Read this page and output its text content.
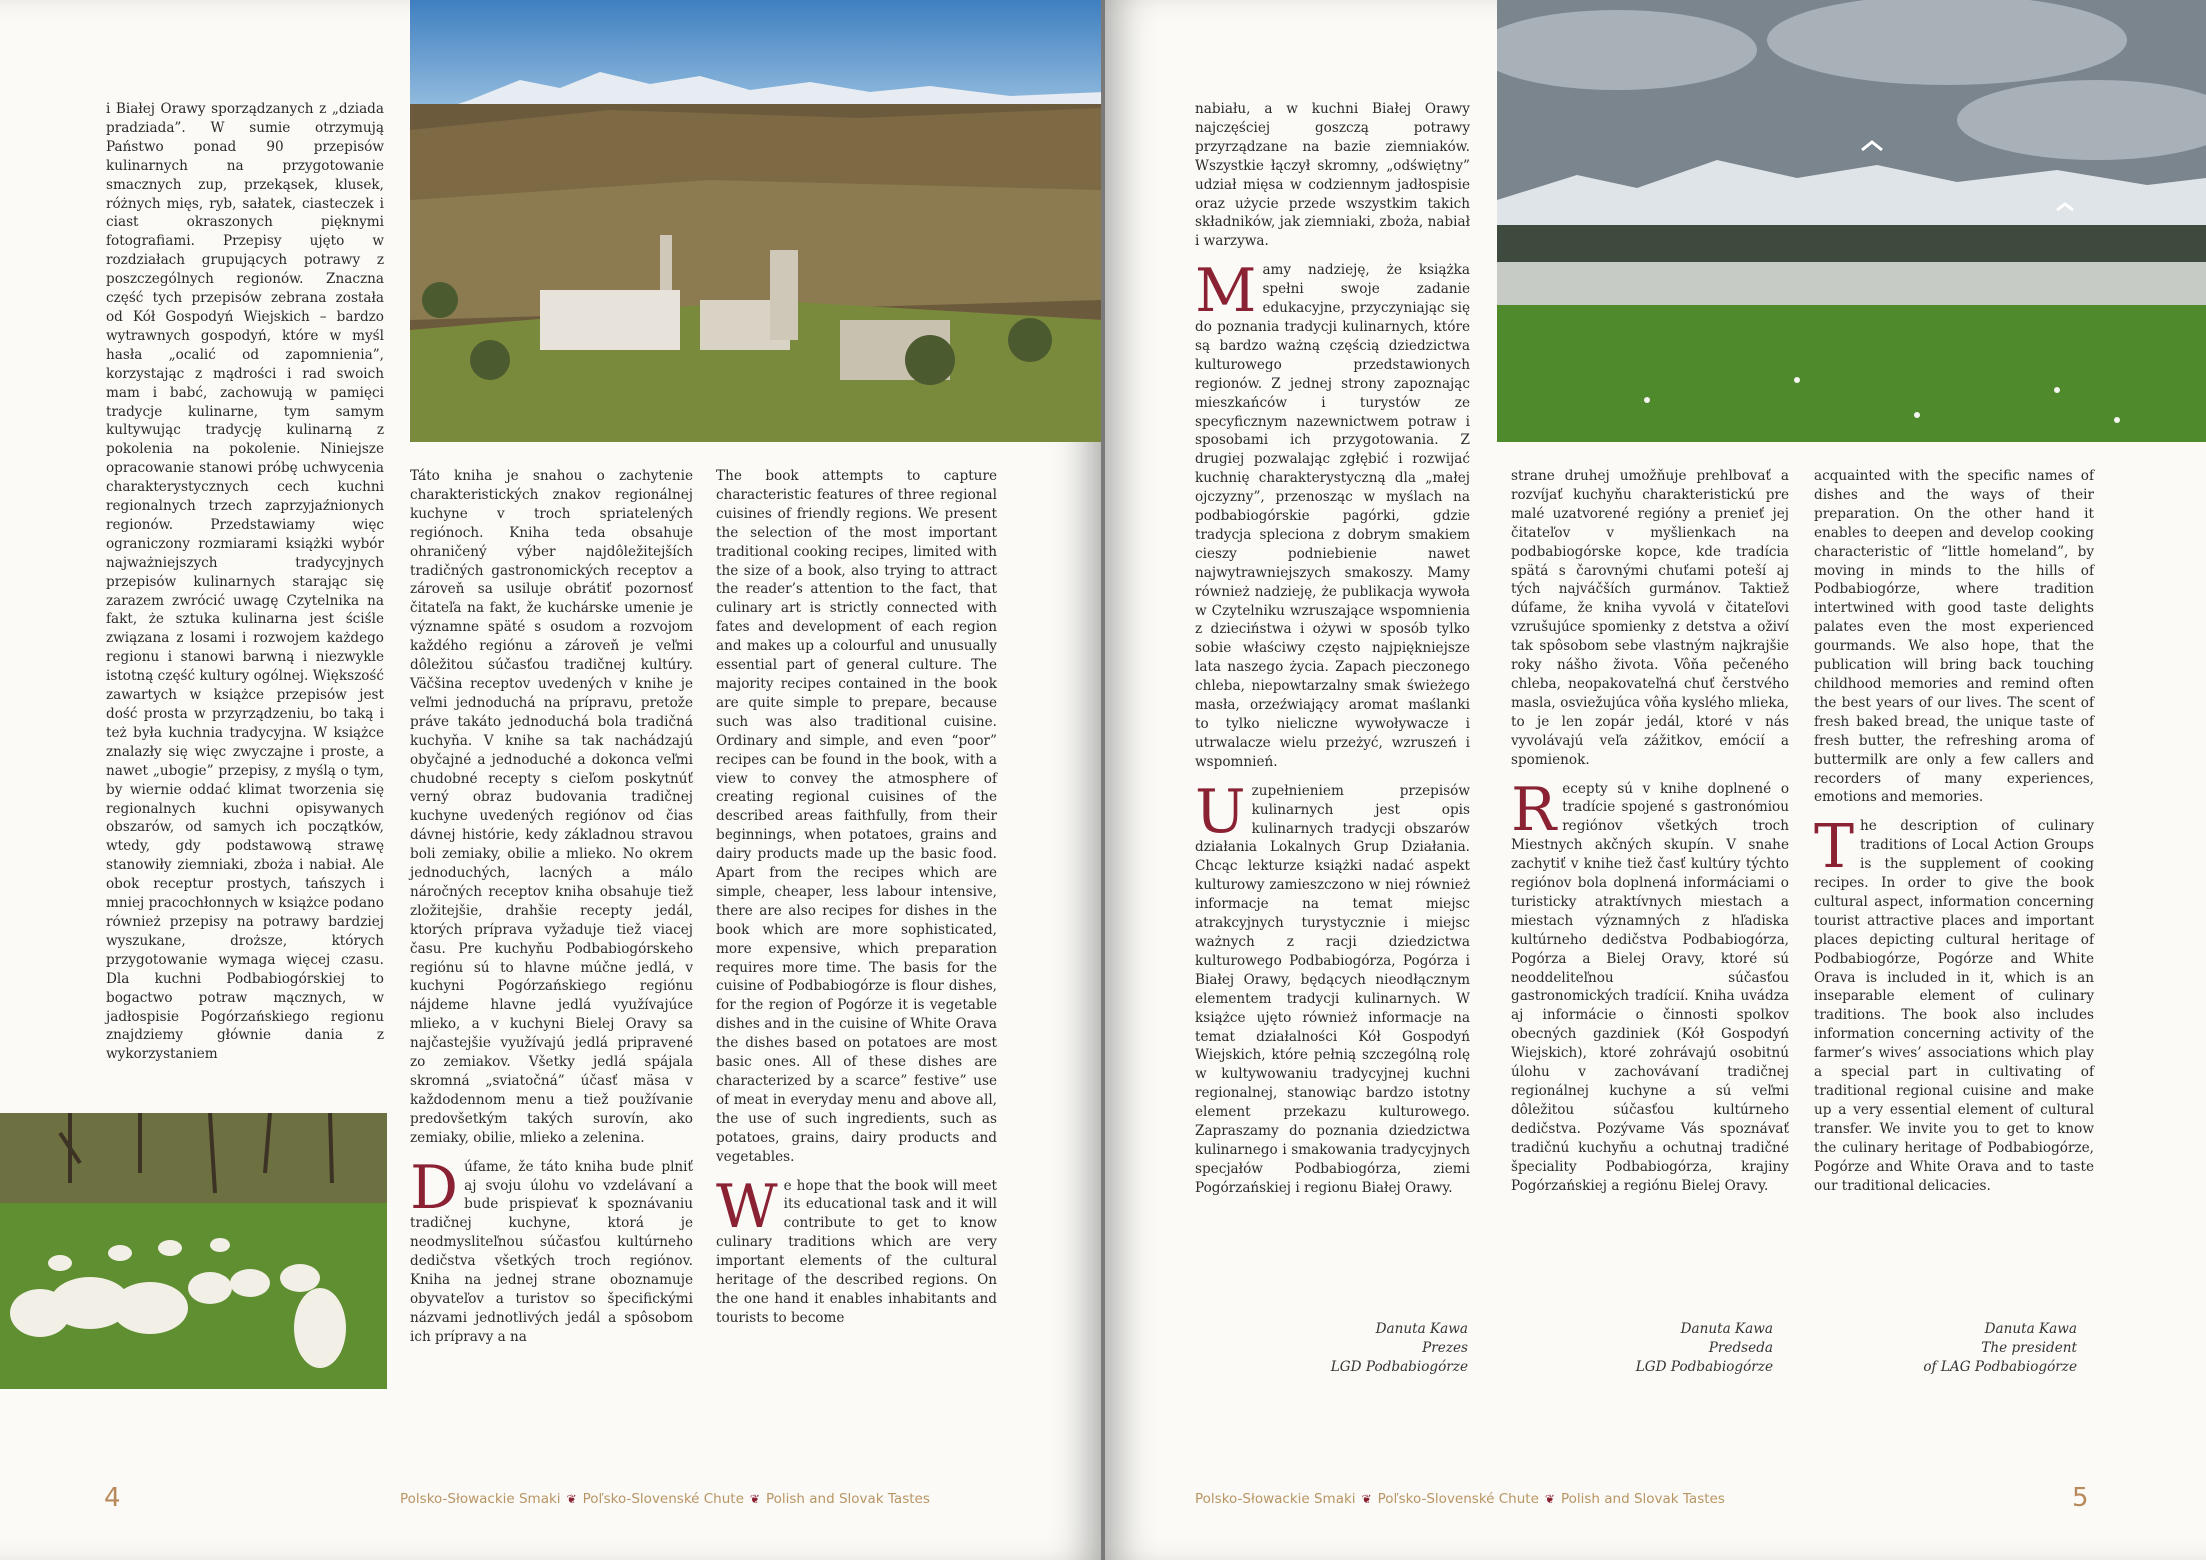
i Białej Orawy sporządzanych z „dziada pradziada”. W sumie otrzymują Państwo ponad 90 przepisów kulinarnych na przygotowanie smacznych zup, przekąsek, klusek, różnych mięs, ryb, sałatek, ciasteczek i ciast okraszonych pięknymi fotografiami. Przepisy ujęto w rozdziałach grupujących potrawy z poszczególnych regionów. Znaczna część tych przepisów zebrana została od Kół Gospodyń Wiejskich – bardzo wytrawnych gospodyń, które w myśl hasła „ocalić od zapomnienia”, korzystając z mądrości i rad swoich mam i babć, zachowują w pamięci tradycje kulinarne, tym samym kultywując tradycję kulinarną z pokolenia na pokolenie. Niniejsze opracowanie stanowi próbę uchwycenia charakterystycznych cech kuchni regionalnych trzech zaprzyjaźnionych regionów. Przedstawiamy więc ograniczony rozmiarami książki wybór najważniejszych tradycyjnych przepisów kulinarnych starając się zarazem zwrócić uwagę Czytelnika na fakt, że sztuka kulinarna jest ściśle związana z losami i rozwojem każdego regionu i stanowi barwną i niezwykle istotną część kultury ogólnej. Większość zawartych w książce przepisów jest dość prosta w przyrządzeniu, bo taką i też była kuchnia tradycyjna. W książce znalazły się więc zwyczajne i proste, a nawet „ubogie” przepisy, z myślą o tym, by wiernie oddać klimat tworzenia się regionalnych kuchni opisywanych obszarów, od samych ich początków, wtedy, gdy podstawową strawę stanowiły ziemniaki, zboża i nabiał. Ale obok receptur prostych, tańszych i mniej pracochłonnych w książce podano również przepisy na potrawy bardziej wyszukane, droższe, których przygotowanie wymaga więcej czasu. Dla kuchni Podbabiogórskiej to bogactwo potraw mącznych, w jadłospisie Pogórzańskiego regionu znajdziemy głównie dania z wykorzystaniem

Táto kniha je snahou o zachytenie charakteristických znakov regionálnej kuchyne v troch spriatelených regiónoch. Kniha teda obsahuje ohraničený výber najdôležitejších tradičných gastronomických receptov a zároveň sa usiluje obrátiť pozornosť čitateľa na fakt, že kuchárske umenie je významne späté s osudom a rozvojom každého regiónu a zároveň je veľmi dôležitou súčasťou tradičnej kultúry. Väčšina receptov uvedených v knihe je veľmi jednoduchá na prípravu, pretože práve takáto jednoduchá bola tradičná kuchyňa. V knihe sa tak nachádzajú obyčajné a jednoduché a dokonca veľmi chudobné recepty s cieľom poskytnúť verný obraz budovania tradičnej kuchyne uvedených regiónov od čias dávnej histórie, kedy základnou stravou boli zemiaky, obilie a mlieko. No okrem jednoduchých, lacných a málo náročných receptov kniha obsahuje tiež zložitejšie, drahšie recepty jedál, ktorých príprava vyžaduje tiež viacej času. Pre kuchyňu Podbabiogórskeho regiónu sú to hlavne múčne jedlá, v kuchyni Pogórzańskiego regiónu nájdeme hlavne jedlá využívajúce mlieko, a v kuchyni Bielej Oravy sa najčastejšie využívajú jedlá pripravené zo zemiakov. Všetky jedlá spájala skromná „sviatočná” účasť mäsa v každodennom menu a tiež používanie predovšetkým takých surovín, ako zemiaky, obilie, mlieko a zelenina.

Dúfame, že táto kniha bude plniť aj svoju úlohu vo vzdelávaní a bude prispievať k spoznávaniu tradičnej kuchyne, ktorá je neodmysliteľnou súčasťou kultúrneho dedičstva všetkých troch regiónov. Kniha na jednej strane oboznamuje obyvateľov a turistov so špecifickými názvami jednotlivých jedál a spôsobom ich prípravy a na

The book attempts to capture characteristic features of three regional cuisines of friendly regions. We present the selection of the most important traditional cooking recipes, limited with the size of a book, also trying to attract the reader’s attention to the fact, that culinary art is strictly connected with fates and development of each region and makes up a colourful and unusually essential part of general culture. The majority recipes contained in the book are quite simple to prepare, because such was also traditional cuisine. Ordinary and simple, and even “poor” recipes can be found in the book, with a view to convey the atmosphere of creating regional cuisines of the described areas faithfully, from their beginnings, when potatoes, grains and dairy products made up the basic food. Apart from the recipes which are simple, cheaper, less labour intensive, there are also recipes for dishes in the book which are more sophisticated, more expensive, which preparation requires more time. The basis for the cuisine of Podbabiogórze is flour dishes, for the region of Pogórze it is vegetable dishes and in the cuisine of White Orava the dishes based on potatoes are most basic ones. All of these dishes are characterized by a scarce” festive” use of meat in everyday menu and above all, the use of such ingredients, such as potatoes, grains, dairy products and vegetables.

We hope that the book will meet its educational task and it will contribute to get to know culinary traditions which are very important elements of the cultural heritage of the described regions. On the one hand it enables inhabitants and tourists to become

4	Polsko-Słowackie Smaki ❦ Poľsko-Slovenské Chute ❦ Polish and Slovak Tastes

nabiału, a w kuchni Białej Orawy najczęściej goszczą potrawy przyrządzane na bazie ziemniaków. Wszystkie łączył skromny, „odświętny” udział mięsa w codziennym jadłospisie oraz użycie przede wszystkim takich składników, jak ziemniaki, zboża, nabiał i warzywa.

Mamy nadzieję, że książka spełni swoje zadanie edukacyjne, przyczyniając się do poznania tradycji kulinarnych, które są bardzo ważną częścią dziedzictwa kulturowego przedstawionych regionów. Z jednej strony zapoznając mieszkańców i turystów ze specyficznym nazewnictwem potraw i sposobami ich przygotowania. Z drugiej pozwalając zgłębić i rozwijać kuchnię charakterystyczną dla „małej ojczyzny”, przenosząc w myślach na podbabiogórskie pagórki, gdzie tradycja spleciona z dobrym smakiem cieszy podniebienie nawet najwytrawniejszych smakoszy. Mamy również nadzieję, że publikacja wywoła w Czytelniku wzruszające wspomnienia z dzieciństwa i ożywi w sposób tylko sobie właściwy często najpiękniejsze lata naszego życia. Zapach pieczonego chleba, niepowtarzalny smak świeżego masła, orzeźwiający aromat maślanki to tylko nieliczne wywoływacze i utrwalacze wielu przeżyć, wzruszeń i wspomnień.

Uzupełnieniem przepisów kulinarnych jest opis kulinarnych tradycji obszarów działania Lokalnych Grup Działania. Chcąc lekturze książki nadać aspekt kulturowy zamieszczono w niej również informacje na temat miejsc atrakcyjnych turystycznie i miejsc ważnych z racji dziedzictwa kulturowego Podbabiogórza, Pogórza i Białej Orawy, będących nieodłącznym elementem tradycji kulinarnych. W książce ujęto również informacje na temat działalności Kół Gospodyń Wiejskich, które pełnią szczególną rolę w kultywowaniu tradycyjnej kuchni regionalnej, stanowiąc bardzo istotny element przekazu kulturowego. Zapraszamy do poznania dziedzictwa kulinarnego i smakowania tradycyjnych specjałów Podbabiogórza, ziemi Pogórzańskiej i regionu Białej Orawy.

strane druhej umožňuje prehlbovať a rozvíjať kuchyňu charakteristickú pre malé uzatvorené regióny a prenieť jej čitateľov v myšlienkach na podbabiogórske kopce, kde tradícia spätá s čarovnými chuťami poteší aj tých najváčších gurmánov. Taktiež dúfame, že kniha vyvolá v čitateľovi vzrušujúce spomienky z detstva a oživí tak spôsobom sebe vlastným najkrajšie roky nášho života. Vôňa pečeného chleba, neopakovateľná chuť čerstvého masla, osviežujúca vôňa kyslého mlieka, to je len zopár jedál, ktoré v nás vyvolávajú veľa zážitkov, emócií a spomienok.

Recepty sú v knihe doplnené o tradície spojené s gastronómiou regiónov všetkých troch Miestnych akčných skupín. V snahe zachytiť v knihe tiež časť kultúry týchto regiónov bola doplnená informáciami o turisticky atraktívnych miestach a miestach významných z hľadiska kultúrneho dedičstva Podbabiogórza, Pogórza a Bielej Oravy, ktoré sú neoddeliteľnou súčasťou gastronomických tradícií. Kniha uvádza aj informácie o činnosti spolkov obecných gazdiniek (Kół Gospodyń Wiejskich), ktoré zohrávajú osobitnú úlohu v zachovávaní tradičnej regionálnej kuchyne a sú veľmi dôležitou súčasťou kultúrneho dedičstva. Pozývame Vás spoznávať tradičnú kuchyňu a ochutnaj tradičné špeciality Podbabiogórza, krajiny Pogórzańskiej a regiónu Bielej Oravy.

acquainted with the specific names of dishes and the ways of their preparation. On the other hand it enables to deepen and develop cooking characteristic of “little homeland”, by moving in minds to the hills of Podbabiogórze, where tradition intertwined with good taste delights palates even the most experienced gourmands. We also hope, that the publication will bring back touching childhood memories and remind often the best years of our lives. The scent of fresh baked bread, the unique taste of fresh butter, the refreshing aroma of buttermilk are only a few callers and recorders of many experiences, emotions and memories.

The description of culinary traditions of Local Action Groups is the supplement of cooking recipes. In order to give the book cultural aspect, information concerning tourist attractive places and important places depicting cultural heritage of Podbabiogórze, Pogórze and White Orava is included in it, which is an inseparable element of culinary traditions. The book also includes information concerning activity of the farmer’s wives’ associations which play a special part in cultivating of traditional regional cuisine and make up a very essential element of cultural transfer. We invite you to get to know the culinary heritage of Podbabiogórze, Pogórze and White Orava and to taste our traditional delicacies.

Danuta Kawa
Prezes
LGD Podbabiogórze
Danuta Kawa
Predseda
LGD Podbabiogórze
Danuta Kawa
The president
of LAG Podbabiogórze
Polsko-Słowackie Smaki ❦ Poľsko-Slovenské Chute ❦ Polish and Slovak Tastes	5
